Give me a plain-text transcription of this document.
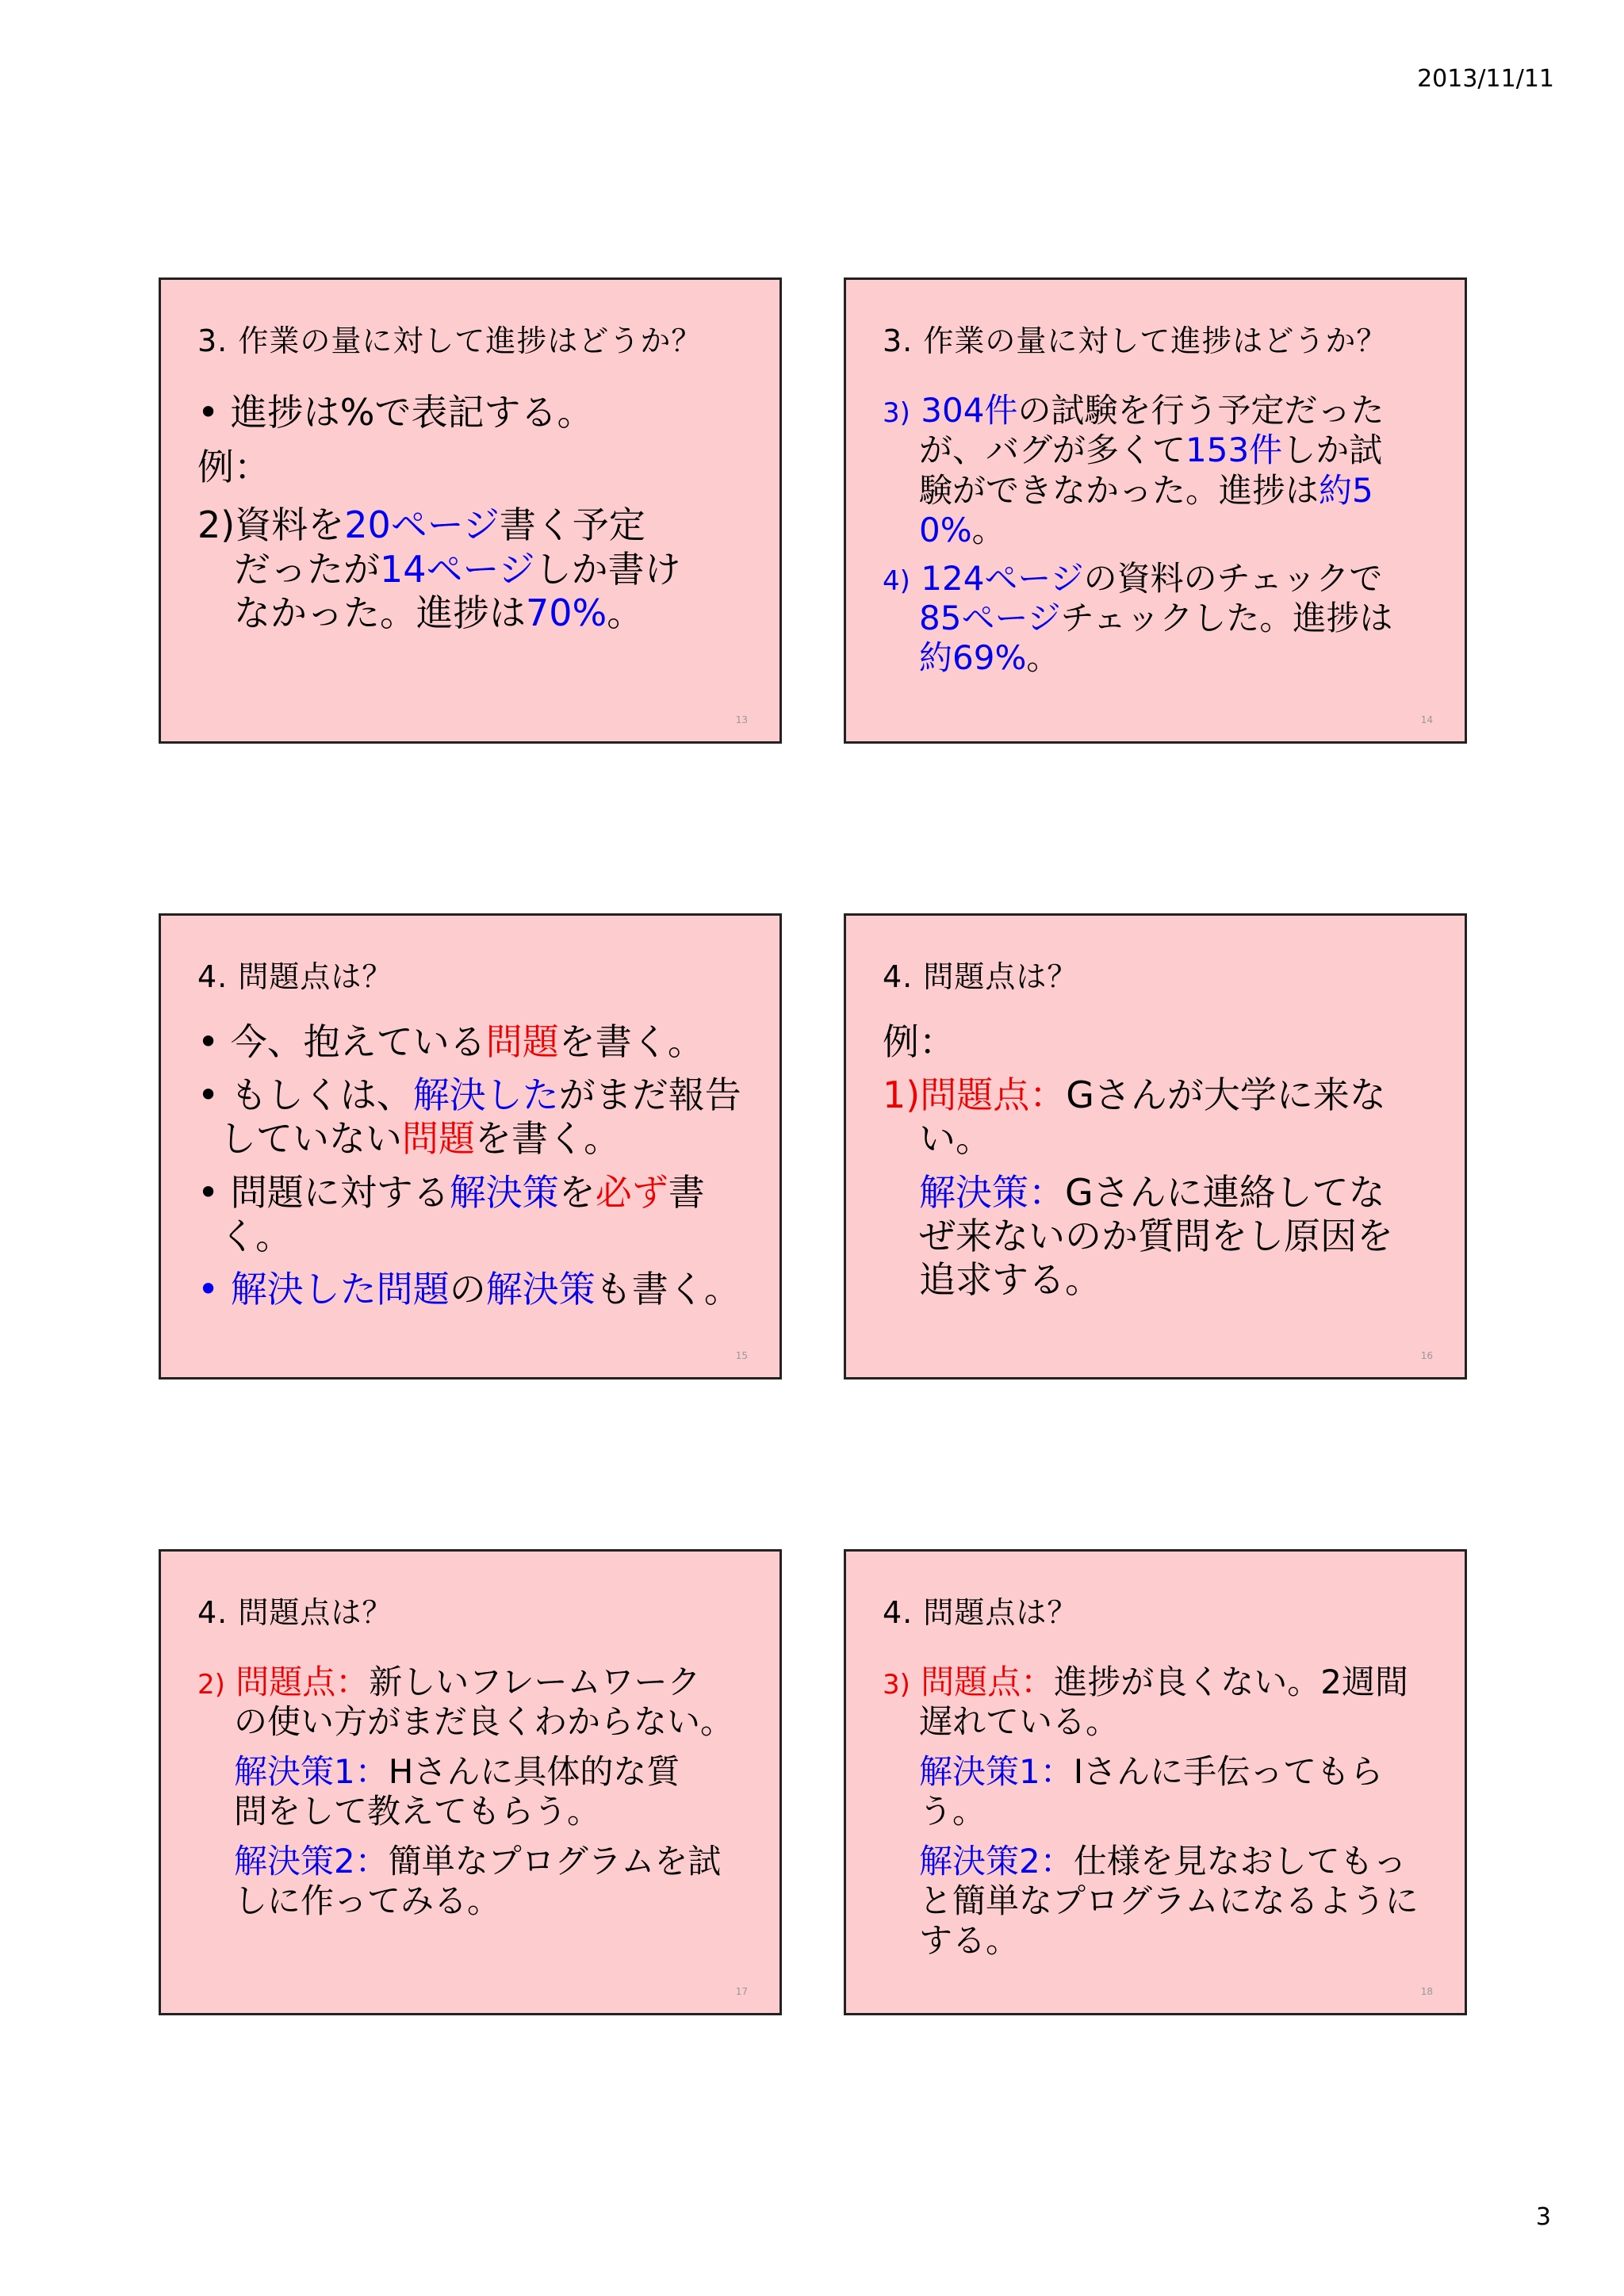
2013/11/11
3. 作業の量に対して進捗はどうか？

• 進捗は%で表記する。

例：

2)資料を20ページ書く予定

だったが14ページしか書け

なかった。進捗は70%。

13
3. 作業の量に対して進捗はどうか？

3) 304件の試験を行う予定だった

が、バグが多くて153件しか試

験ができなかった。進捗は約5

0%。

4) 124ページの資料のチェックで

85ページチェックした。進捗は

約69%。

14
4. 問題点は？

• 今、抱えている問題を書く。

• もしくは、解決したがまだ報告

していない問題を書く。

• 問題に対する解決策を必ず書

く。

• 解決した問題の解決策も書く。

15
4. 問題点は？

例：

1)問題点：Gさんが大学に来な

い。

解決策：Gさんに連絡してな

ぜ来ないのか質問をし原因を

追求する。

16
4. 問題点は？

2) 問題点：新しいフレームワーク

の使い方がまだ良くわからない。

解決策1：Hさんに具体的な質

問をして教えてもらう。

解決策2：簡単なプログラムを試

しに作ってみる。

17
4. 問題点は？

3) 問題点：進捗が良くない。2週間

遅れている。

解決策1：Iさんに手伝ってもらう。

解決策2：仕様を見なおしてもっ

と簡単なプログラムになるように

する。

18
3
